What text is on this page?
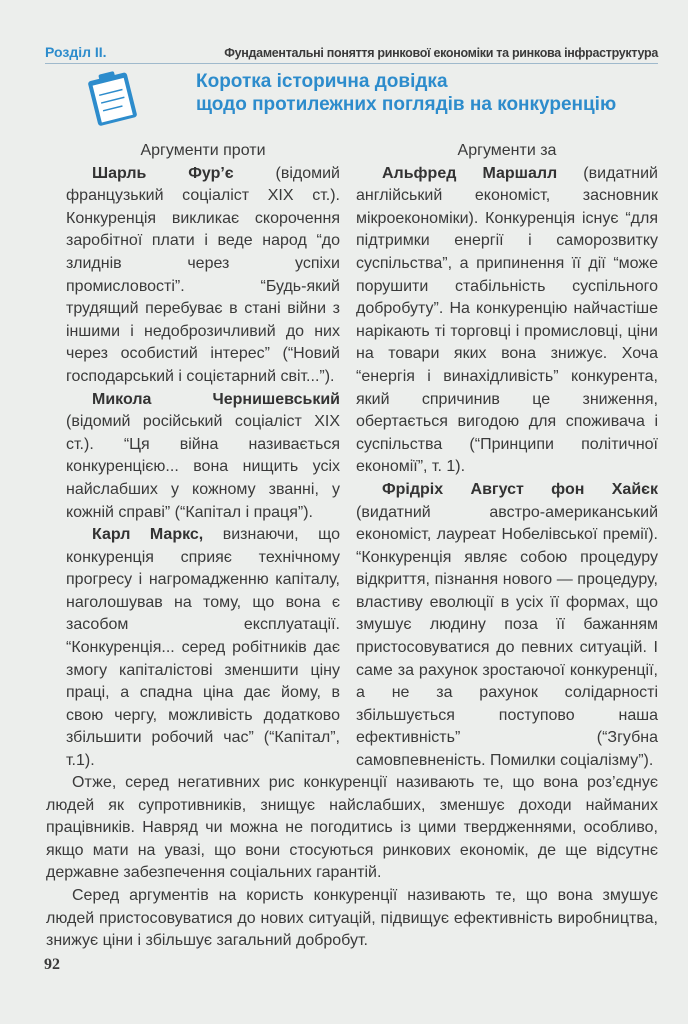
Розділ II.	Фундаментальні поняття ринкової економіки та ринкова інфраструктура
Коротка історична довідка
щодо протилежних поглядів на конкуренцію
Аргументи проти

Шарль Фур’є (відомий французький соціаліст XIX ст.). Конкуренція викликає скорочення заробітної плати і веде народ “до злиднів через успіхи промисловості”. “Будь-який трудящий перебуває в стані війни з іншими і недоброзичливий до них через особистий інтерес” (“Новий господарський і соцієтарний світ...”).

Микола Чернишевський (відомий російський соціаліст XIX ст.). “Ця війна називається конкуренцією... вона нищить усіх найслабших у кожному званні, у кожній справі” (“Капітал і праця”).

Карл Маркс, визнаючи, що конкуренція сприяє технічному прогресу і нагромадженню капіталу, наголошував на тому, що вона є засобом експлуатації. “Конкуренція... серед робітників дає змогу капіталістові зменшити ціну праці, а спадна ціна дає йому, в свою чергу, можливість додатково збільшити робочий час” (“Капітал”, т.1).

Аргументи за

Альфред Маршалл (видатний англійський економіст, засновник мікроекономіки). Конкуренція існує “для підтримки енергії і саморозвитку суспільства”, а припинення її дії “може порушити стабільність суспільного добробуту”. На конкуренцію найчастіше нарікають ті торговці і промисловці, ціни на товари яких вона знижує. Хоча “енергія і винахідливість” конкурента, який спричинив це зниження, обертається вигодою для споживача і суспільства (“Принципи політичної економії”, т. 1).

Фрідріх Август фон Хайєк (видатний австро-американський економіст, лауреат Нобелівської премії). “Конкуренція являє собою процедуру відкриття, пізнання нового — процедуру, властиву еволюції в усіх її формах, що змушує людину поза її бажанням пристосовуватися до певних ситуацій. І саме за рахунок зростаючої конкуренції, а не за рахунок солідарності збільшується поступово наша ефективність” (“Згубна самовпевненість. Помилки соціалізму”).

Отже, серед негативних рис конкуренції називають те, що вона роз’єднує людей як супротивників, знищує найслабших, зменшує доходи найманих працівників. Навряд чи можна не погодитись із цими твердженнями, особливо, якщо мати на увазі, що вони стосуються ринкових економік, де ще відсутнє державне забезпечення соціальних гарантій.

Серед аргументів на користь конкуренції називають те, що вона змушує людей пристосовуватися до нових ситуацій, підвищує ефективність виробництва, знижує ціни і збільшує загальний добробут.

92
